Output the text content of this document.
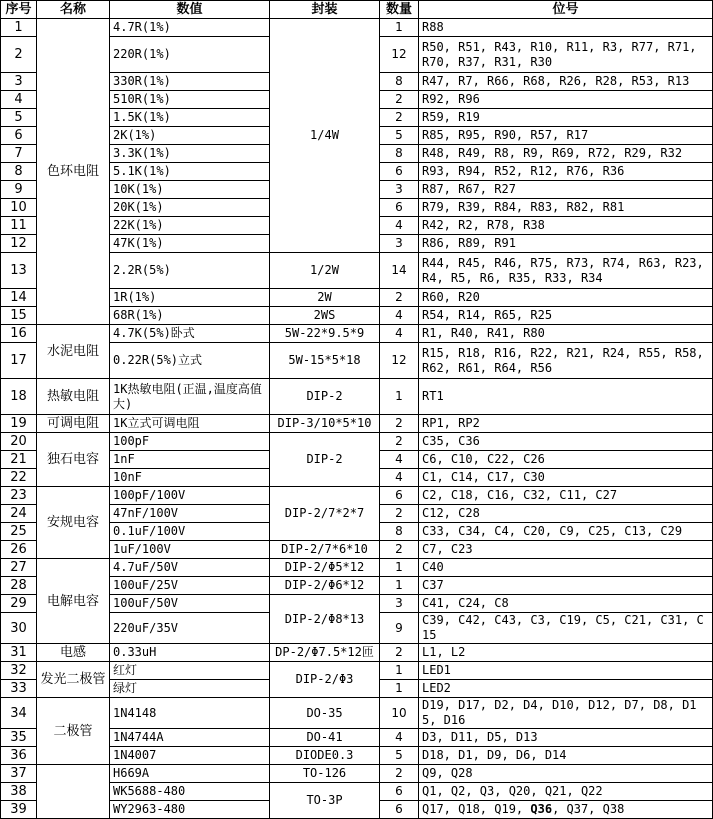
序号	名称	数值	封装	数量	位号
1	色环电阻	4.7R(1%)	1/4W	1	R88
2		220R(1%)		12	R50, R51, R43, R10, R11, R3, R77, R71, R70, R37, R31, R30
3		330R(1%)		8	R47, R7, R66, R68, R26, R28, R53, R13
4		510R(1%)		2	R92, R96
5		1.5K(1%)		2	R59, R19
6		2K(1%)		5	R85, R95, R90, R57, R17
7		3.3K(1%)		8	R48, R49, R8, R9, R69, R72, R29, R32
8		5.1K(1%)		6	R93, R94, R52, R12, R76, R36
9		10K(1%)		3	R87, R67, R27
10		20K(1%)		6	R79, R39, R84, R83, R82, R81
11		22K(1%)		4	R42, R2, R78, R38
12		47K(1%)		3	R86, R89, R91
13		2.2R(5%)	1/2W	14	R44, R45, R46, R75, R73, R74, R63, R23, R4, R5, R6, R35, R33, R34
14		1R(1%)	2W	2	R60, R20
15		68R(1%)	2WS	4	R54, R14, R65, R25
16	水泥电阻	4.7K(5%)卧式	5W-22*9.5*9	4	R1, R40, R41, R80
17		0.22R(5%)立式	5W-15*5*18	12	R15, R18, R16, R22, R21, R24, R55, R58, R62, R61, R64, R56
18	热敏电阻	1K热敏电阻(正温,温度高值大)	DIP-2	1	RT1
19	可调电阻	1K立式可调电阻	DIP-3/10*5*10	2	RP1, RP2
20	独石电容	100pF	DIP-2	2	C35, C36
21		1nF		4	C6, C10, C22, C26
22		10nF		4	C1, C14, C17, C30
23	安规电容	100pF/100V	DIP-2/7*2*7	6	C2, C18, C16, C32, C11, C27
24		47nF/100V		2	C12, C28
25		0.1uF/100V		8	C33, C34, C4, C20, C9, C25, C13, C29
26		1uF/100V	DIP-2/7*6*10	2	C7, C23
27	电解电容	4.7uF/50V	DIP-2/Φ5*12	1	C40
28		100uF/25V	DIP-2/Φ6*12	1	C37
29		100uF/50V	DIP-2/Φ8*13	3	C41, C24, C8
30		220uF/35V		9	C39, C42, C43, C3, C19, C5, C21, C31, C15
31	电感	0.33uH	DP-2/Φ7.5*12匝	2	L1, L2
32	发光二极管	红灯	DIP-2/Φ3	1	LED1
33		绿灯		1	LED2
34	二极管	1N4148	DO-35	10	D19, D17, D2, D4, D10, D12, D7, D8, D15, D16
35		1N4744A	DO-41	4	D3, D11, D5, D13
36		1N4007	DIODE0.3	5	D18, D1, D9, D6, D14
37		H669A	TO-126	2	Q9, Q28
38		WK5688-480	TO-3P	6	Q1, Q2, Q3, Q20, Q21, Q22
39		WY2963-480		6	Q17, Q18, Q19, Q36, Q37, Q38
